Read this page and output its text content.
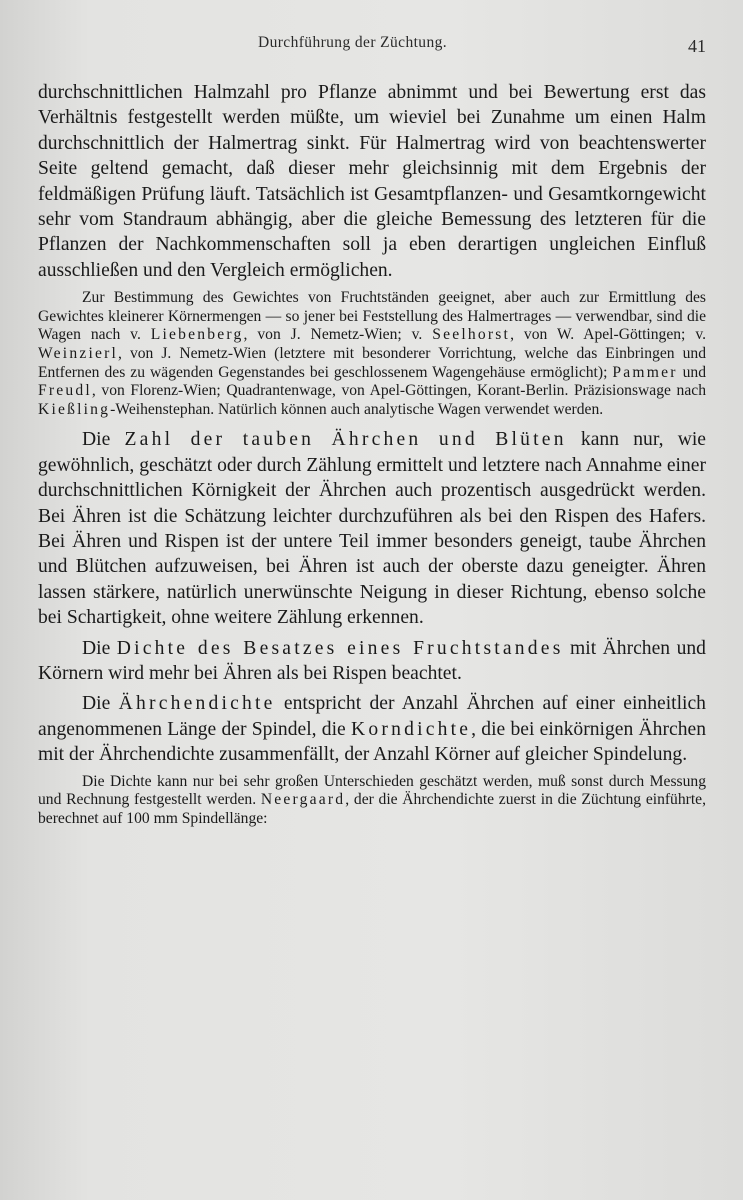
Durchführung der Züchtung.	41

durchschnittlichen Halmzahl pro Pflanze abnimmt und bei Bewertung erst das Verhältnis festgestellt werden müßte, um wieviel bei Zunahme um einen Halm durchschnittlich der Halmertrag sinkt. Für Halmertrag wird von beachtenswerter Seite geltend gemacht, daß dieser mehr gleichsinnig mit dem Ergebnis der feldmäßigen Prüfung läuft. Tatsächlich ist Gesamtpflanzen- und Gesamtkorngewicht sehr vom Standraum abhängig, aber die gleiche Bemessung des letzteren für die Pflanzen der Nachkommenschaften soll ja eben derartigen ungleichen Einfluß ausschließen und den Vergleich ermöglichen.

Zur Bestimmung des Gewichtes von Fruchtständen geeignet, aber auch zur Ermittlung des Gewichtes kleinerer Körnermengen — so jener bei Feststellung des Halmertrages — verwendbar, sind die Wagen nach v. Liebenberg, von J. Nemetz-Wien; v. Seelhorst, von W. Apel-Göttingen; v. Weinzierl, von J. Nemetz-Wien (letztere mit besonderer Vorrichtung, welche das Einbringen und Entfernen des zu wägenden Gegenstandes bei geschlossenem Wagengehäuse ermöglicht); Pammer und Freudl, von Florenz-Wien; Quadrantenwage, von Apel-Göttingen, Korant-Berlin. Präzisionswage nach Kießling-Weihenstephan. Natürlich können auch analytische Wagen verwendet werden.

Die Zahl der tauben Ährchen und Blüten kann nur, wie gewöhnlich, geschätzt oder durch Zählung ermittelt und letztere nach Annahme einer durchschnittlichen Körnigkeit der Ährchen auch prozentisch ausgedrückt werden. Bei Ähren ist die Schätzung leichter durchzuführen als bei den Rispen des Hafers. Bei Ähren und Rispen ist der untere Teil immer besonders geneigt, taube Ährchen und Blütchen aufzuweisen, bei Ähren ist auch der oberste dazu geneigter. Ähren lassen stärkere, natürlich unerwünschte Neigung in dieser Richtung, ebenso solche bei Schartigkeit, ohne weitere Zählung erkennen.

Die Dichte des Besatzes eines Fruchtstandes mit Ährchen und Körnern wird mehr bei Ähren als bei Rispen beachtet.

Die Ährchendichte entspricht der Anzahl Ährchen auf einer einheitlich angenommenen Länge der Spindel, die Korndichte, die bei einkörnigen Ährchen mit der Ährchendichte zusammenfällt, der Anzahl Körner auf gleicher Spindelung.

Die Dichte kann nur bei sehr großen Unterschieden geschätzt werden, muß sonst durch Messung und Rechnung festgestellt werden. Neergaard, der die Ährchendichte zuerst in die Züchtung einführte, berechnet auf 100 mm Spindellänge:
